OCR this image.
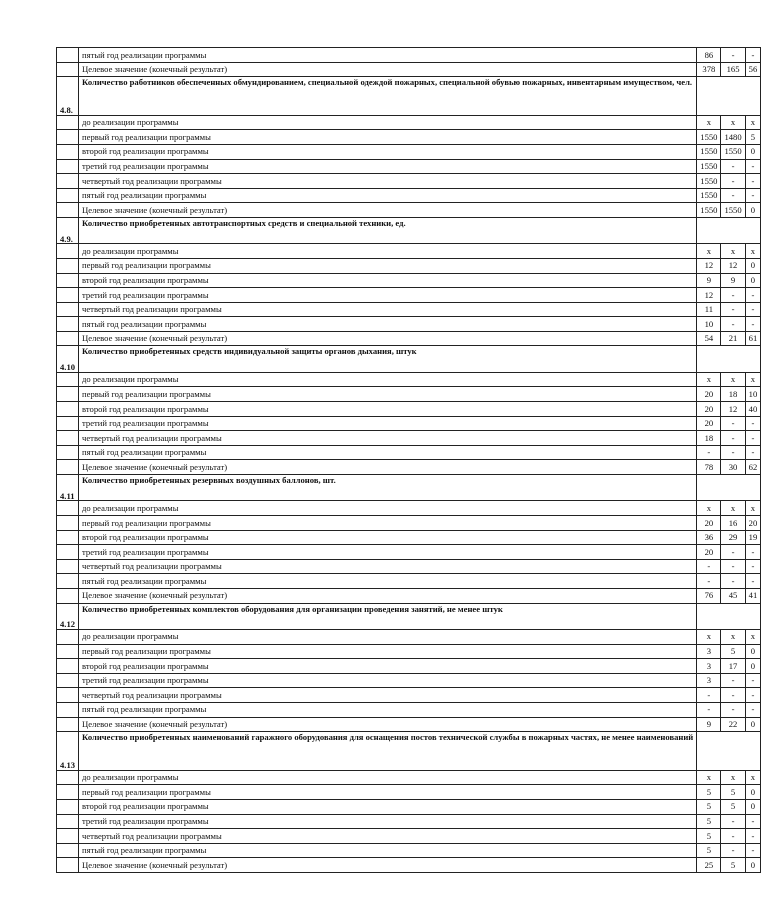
	пятый год реализации программы	86	-	-
	Целевое значение (конечный результат)	378	165	56
4.8.	Количество работников обеспеченных обмундированием, специальной одеждой пожарных, специальной обувью пожарных, инвентарным имуществом, чел.			
	до реализации программы	x	x	x
	первый год реализации программы	1550	1480	5
	второй год реализации программы	1550	1550	0
	третий год реализации программы	1550	-	-
	четвертый год реализации программы	1550	-	-
	пятый год реализации программы	1550	-	-
	Целевое значение (конечный результат)	1550	1550	0
4.9.	Количество приобретенных автотранспортных средств и специальной техники, ед.			
	до реализации программы	x	x	x
	первый год реализации программы	12	12	0
	второй год реализации программы	9	9	0
	третий год реализации программы	12	-	-
	четвертый год реализации программы	11	-	-
	пятый год реализации программы	10	-	-
	Целевое значение (конечный результат)	54	21	61
4.10	Количество приобретенных средств индивидуальной защиты органов дыхания, штук			
	до реализации программы	x	x	x
	первый год реализации программы	20	18	10
	второй год реализации программы	20	12	40
	третий год реализации программы	20	-	-
	четвертый год реализации программы	18	-	-
	пятый год реализации программы	-	-	-
	Целевое значение (конечный результат)	78	30	62
4.11	Количество приобретенных резервных воздушных баллонов, шт.			
	до реализации программы	x	x	x
	первый год реализации программы	20	16	20
	второй год реализации программы	36	29	19
	третий год реализации программы	20	-	-
	четвертый год реализации программы	-	-	-
	пятый год реализации программы	-	-	-
	Целевое значение (конечный результат)	76	45	41
4.12	Количество приобретенных комплектов оборудования для организации проведения занятий, не менее штук			
	до реализации программы	x	x	x
	первый год реализации программы	3	5	0
	второй год реализации программы	3	17	0
	третий год реализации программы	3	-	-
	четвертый год реализации программы	-	-	-
	пятый год реализации программы	-	-	-
	Целевое значение (конечный результат)	9	22	0
4.13	Количество приобретенных наименований гаражного оборудования для оснащения постов технической службы в пожарных частях, не менее наименований			
	до реализации программы	x	x	x
	первый год реализации программы	5	5	0
	второй год реализации программы	5	5	0
	третий год реализации программы	5	-	-
	четвертый год реализации программы	5	-	-
	пятый год реализации программы	5	-	-
	Целевое значение (конечный результат)	25	5	0
